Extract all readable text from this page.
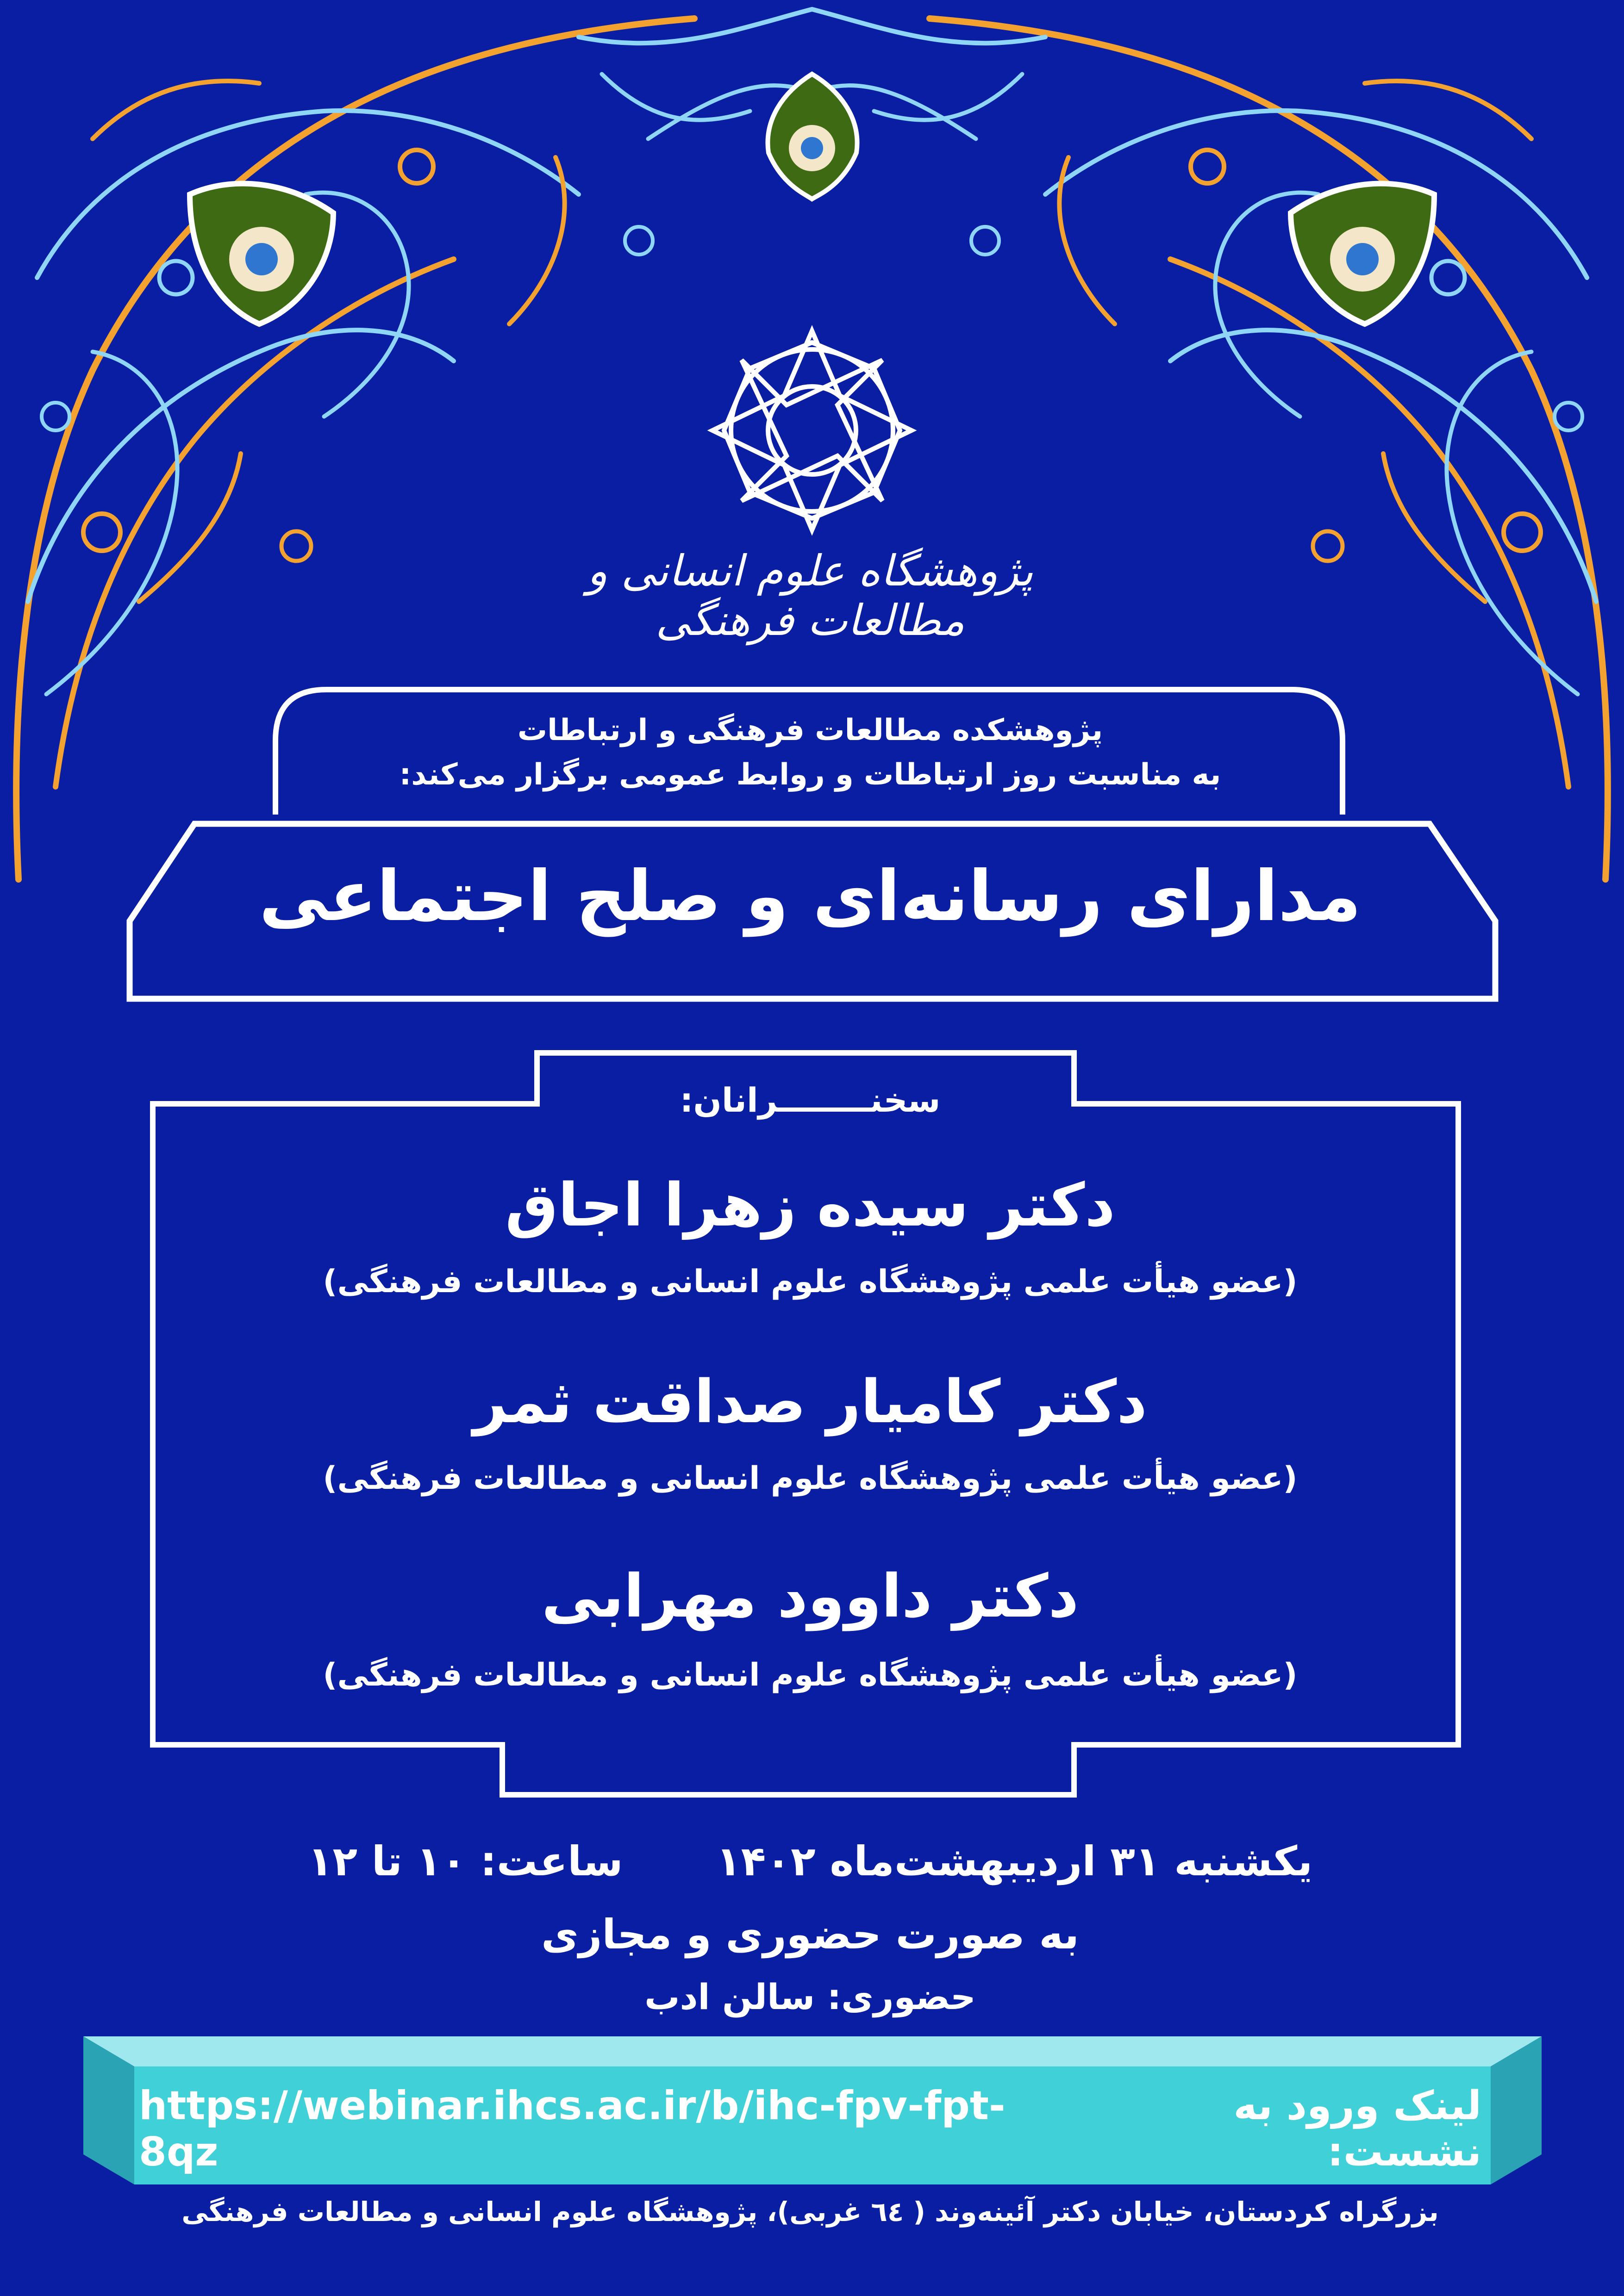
پژوهشگاه علوم انسانی و مطالعات فرهنگی
پژوهشکده مطالعات فرهنگی و ارتباطات
به مناسبت روز ارتباطات و روابط عمومی برگزار می‌کند:
مدارای رسانه‌ای و صلح اجتماعی
سخنــــــــرانان:
دکتر سیده زهرا اجاق
(عضو هیأت علمی پژوهشگاه علوم انسانی و مطالعات فرهنگی)
دکتر کامیار صداقت ثمر
(عضو هیأت علمی پژوهشگاه علوم انسانی و مطالعات فرهنگی)
دکتر داوود مهرابی
(عضو هیأت علمی پژوهشگاه علوم انسانی و مطالعات فرهنگی)
یکشنبه ۳۱ اردیبهشت‌ماه ۱۴۰۲  ساعت: ۱۰ تا ۱۲
به صورت حضوری و مجازی
حضوری: سالن ادب
لینک ورود به نشست:
https://webinar.ihcs.ac.ir/b/ihc-fpv-fpt-8qz
بزرگراه کردستان، خیابان دکتر آئینه‌وند ( ٦٤ غربی)، پژوهشگاه علوم انسانی و مطالعات فرهنگی
